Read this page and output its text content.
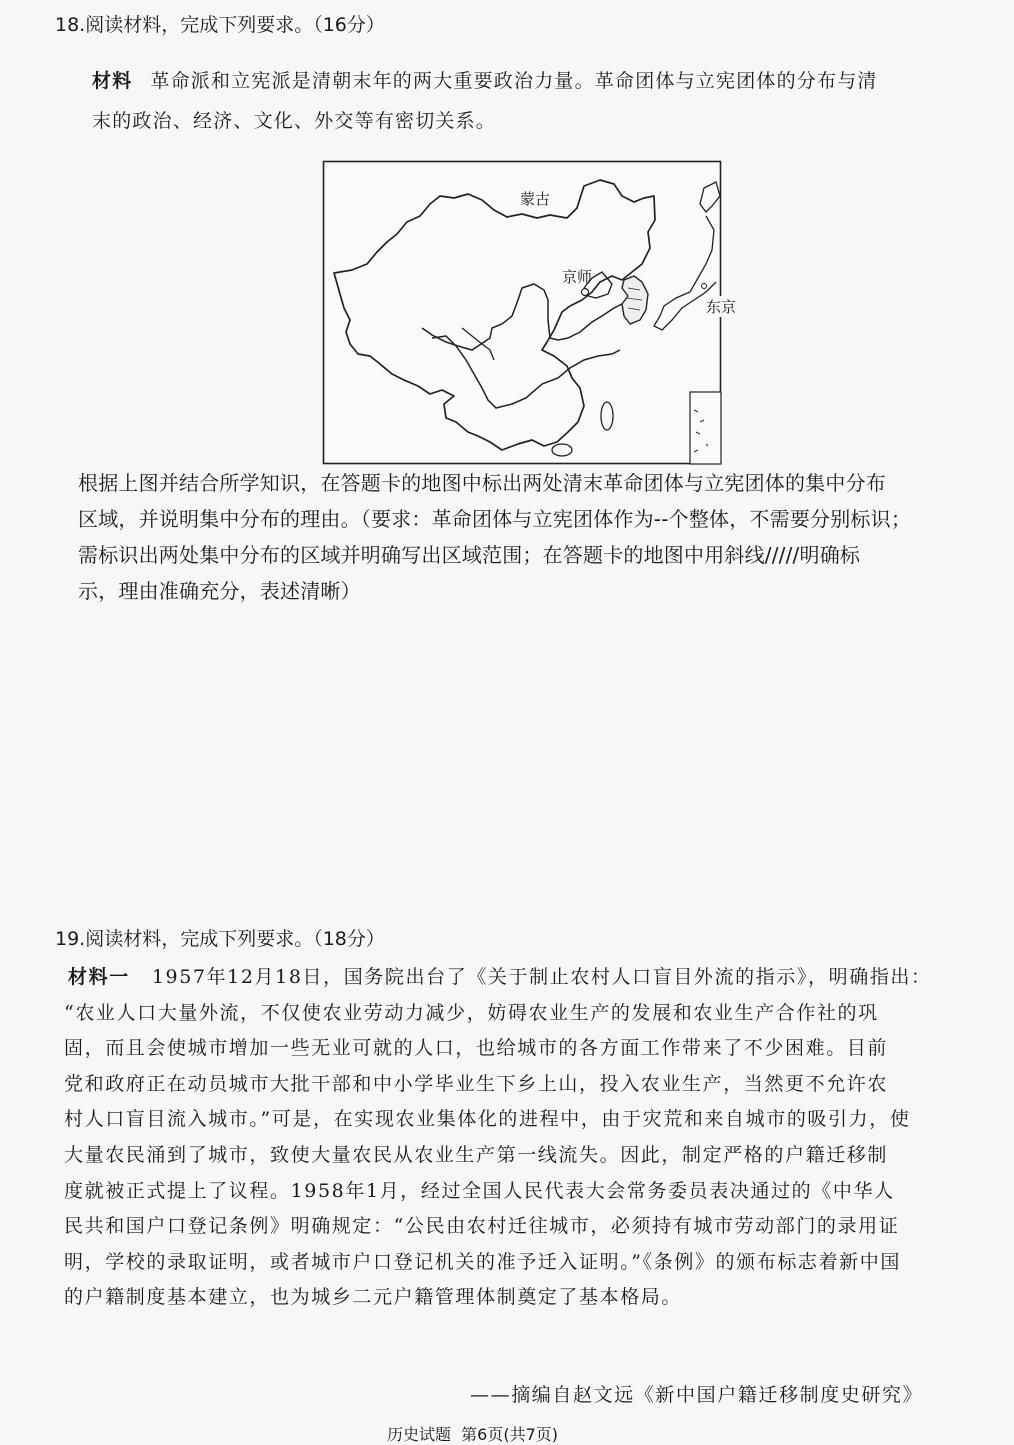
18.阅读材料，完成下列要求。（16分）
材料 革命派和立宪派是清朝末年的两大重要政治力量。革命团体与立宪团体的分布与清
末的政治、经济、文化、外交等有密切关系。
蒙古
京师
东京
根据上图并结合所学知识，在答题卡的地图中标出两处清末革命团体与立宪团体的集中分布
区域，并说明集中分布的理由。（要求：革命团体与立宪团体作为--个整体，不需要分别标识；
需标识出两处集中分布的区域并明确写出区域范围；在答题卡的地图中用斜线/////明确标
示，理由准确充分，表述清晰）
19.阅读材料，完成下列要求。（18分）
材料一 1957年12月18日，国务院出台了《关于制止农村人口盲目外流的指示》，明确指出：
“农业人口大量外流，不仅使农业劳动力减少，妨碍农业生产的发展和农业生产合作社的巩
固，而且会使城市增加一些无业可就的人口，也给城市的各方面工作带来了不少困难。目前
党和政府正在动员城市大批干部和中小学毕业生下乡上山，投入农业生产，当然更不允许农
村人口盲目流入城市。”可是，在实现农业集体化的进程中，由于灾荒和来自城市的吸引力，使
大量农民涌到了城市，致使大量农民从农业生产第一线流失。因此，制定严格的户籍迁移制
度就被正式提上了议程。1958年1月，经过全国人民代表大会常务委员表决通过的《中华人
民共和国户口登记条例》明确规定：“公民由农村迁往城市，必须持有城市劳动部门的录用证
明，学校的录取证明，或者城市户口登记机关的准予迁入证明。”《条例》的颁布标志着新中国
的户籍制度基本建立，也为城乡二元户籍管理体制奠定了基本格局。
——摘编自赵文远《新中国户籍迁移制度史研究》
历史试题  第6页(共7页)
